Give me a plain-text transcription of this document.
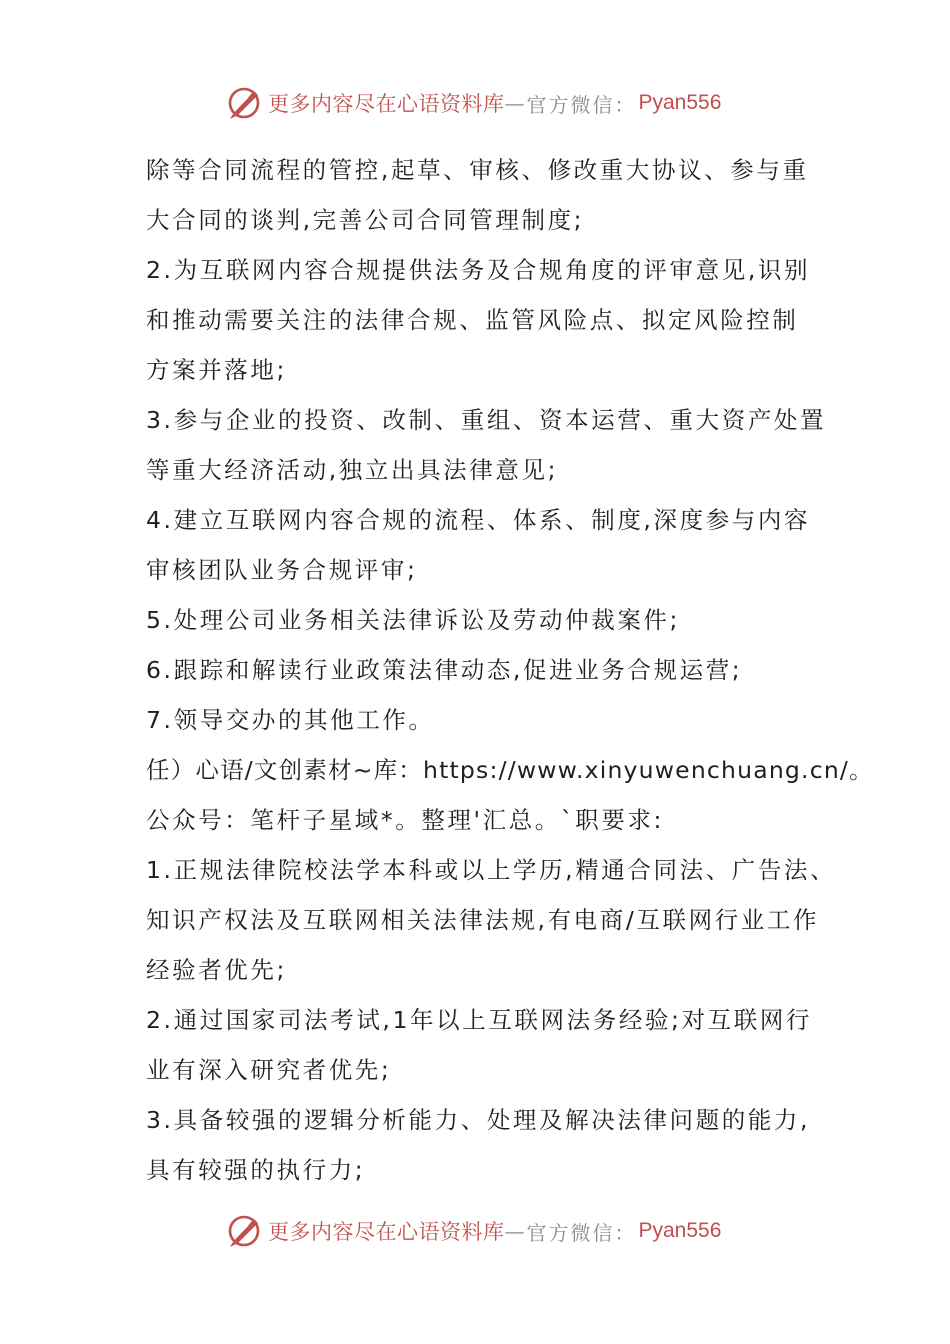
更多内容尽在心语资料库 — 官方微信： Pyan556
除等合同流程的管控,起草、审核、修改重大协议、参与重
大合同的谈判,完善公司合同管理制度;
2.为互联网内容合规提供法务及合规角度的评审意见,识别
和推动需要关注的法律合规、监管风险点、拟定风险控制
方案并落地;
3.参与企业的投资、改制、重组、资本运营、重大资产处置
等重大经济活动,独立出具法律意见;
4.建立互联网内容合规的流程、体系、制度,深度参与内容
审核团队业务合规评审;
5.处理公司业务相关法律诉讼及劳动仲裁案件;
6.跟踪和解读行业政策法律动态,促进业务合规运营;
7.领导交办的其他工作。
任）心语/文创素材~库：https://www.xinyuwenchuang.cn/。
公众号：笔杆子星域*。整理'汇总。`职要求:
1.正规法律院校法学本科或以上学历,精通合同法、广告法、
知识产权法及互联网相关法律法规,有电商/互联网行业工作
经验者优先;
2.通过国家司法考试,1年以上互联网法务经验;对互联网行
业有深入研究者优先;
3.具备较强的逻辑分析能力、处理及解决法律问题的能力,
具有较强的执行力;
更多内容尽在心语资料库 — 官方微信： Pyan556
